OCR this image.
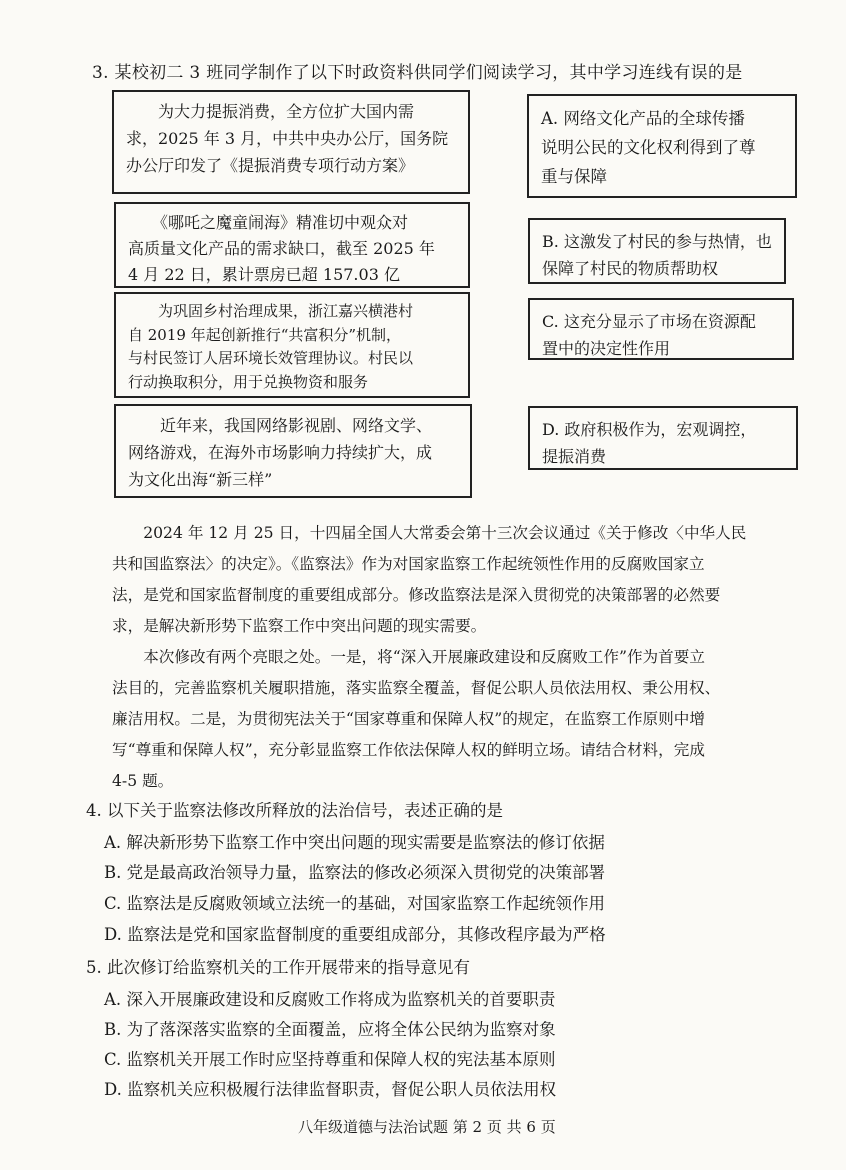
3. 某校初二 3 班同学制作了以下时政资料供同学们阅读学习，其中学习连线有误的是
　　为大力提振消费，全方位扩大国内需
求，2025 年 3 月，中共中央办公厅，国务院
办公厅印发了《提振消费专项行动方案》
　　《哪吒之魔童闹海》精准切中观众对
高质量文化产品的需求缺口，截至 2025 年
4 月 22 日，累计票房已超 157.03 亿
　　为巩固乡村治理成果，浙江嘉兴横港村
自 2019 年起创新推行“共富积分”机制，
与村民签订人居环境长效管理协议。村民以
行动换取积分，用于兑换物资和服务
　　近年来，我国网络影视剧、网络文学、
网络游戏，在海外市场影响力持续扩大，成
为文化出海“新三样”
A. 网络文化产品的全球传播
说明公民的文化权利得到了尊
重与保障
B. 这激发了村民的参与热情，也
保障了村民的物质帮助权
C. 这充分显示了市场在资源配
置中的决定性作用
D. 政府积极作为，宏观调控，
提振消费
　　2024 年 12 月 25 日，十四届全国人大常委会第十三次会议通过《关于修改〈中华人民
共和国监察法〉的决定》。《监察法》作为对国家监察工作起统领性作用的反腐败国家立
法，是党和国家监督制度的重要组成部分。修改监察法是深入贯彻党的决策部署的必然要
求，是解决新形势下监察工作中突出问题的现实需要。
　　本次修改有两个亮眼之处。一是，将“深入开展廉政建设和反腐败工作”作为首要立
法目的，完善监察机关履职措施，落实监察全覆盖，督促公职人员依法用权、秉公用权、
廉洁用权。二是，为贯彻宪法关于“国家尊重和保障人权”的规定，在监察工作原则中增
写“尊重和保障人权”，充分彰显监察工作依法保障人权的鲜明立场。请结合材料，完成
4-5 题。
4. 以下关于监察法修改所释放的法治信号，表述正确的是
A. 解决新形势下监察工作中突出问题的现实需要是监察法的修订依据
B. 党是最高政治领导力量，监察法的修改必须深入贯彻党的决策部署
C. 监察法是反腐败领域立法统一的基础，对国家监察工作起统领作用
D. 监察法是党和国家监督制度的重要组成部分，其修改程序最为严格
5. 此次修订给监察机关的工作开展带来的指导意见有
A. 深入开展廉政建设和反腐败工作将成为监察机关的首要职责
B. 为了落深落实监察的全面覆盖，应将全体公民纳为监察对象
C. 监察机关开展工作时应坚持尊重和保障人权的宪法基本原则
D. 监察机关应积极履行法律监督职责，督促公职人员依法用权
八年级道德与法治试题 第 2 页 共 6 页
